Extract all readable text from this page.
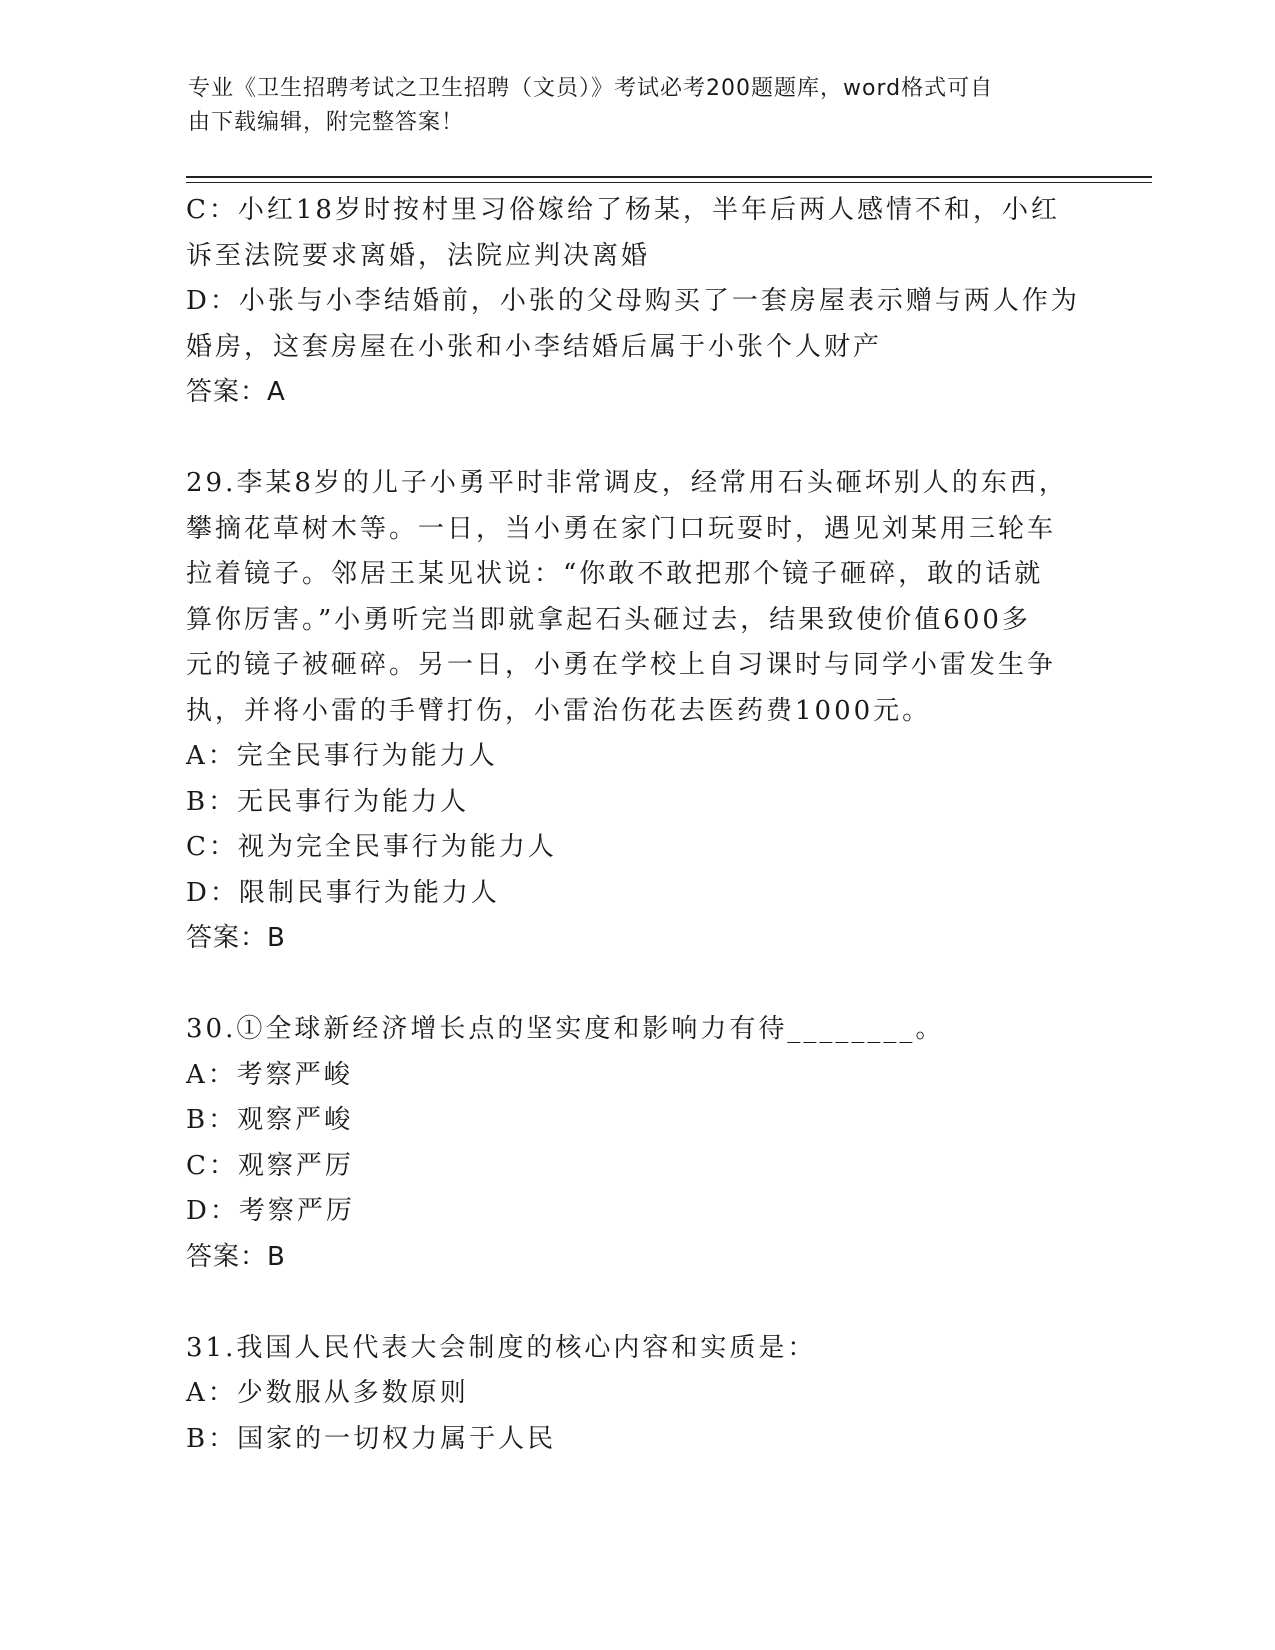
专业《卫生招聘考试之卫生招聘（文员）》考试必考200题题库，word格式可自
由下载编辑，附完整答案！
C：小红18岁时按村里习俗嫁给了杨某，半年后两人感情不和，小红
诉至法院要求离婚，法院应判决离婚
D：小张与小李结婚前，小张的父母购买了一套房屋表示赠与两人作为
婚房，这套房屋在小张和小李结婚后属于小张个人财产
答案：A
29.李某8岁的儿子小勇平时非常调皮，经常用石头砸坏别人的东西，
攀摘花草树木等。一日，当小勇在家门口玩耍时，遇见刘某用三轮车
拉着镜子。邻居王某见状说：“你敢不敢把那个镜子砸碎，敢的话就
算你厉害。”小勇听完当即就拿起石头砸过去，结果致使价值600多
元的镜子被砸碎。另一日，小勇在学校上自习课时与同学小雷发生争
执，并将小雷的手臂打伤，小雷治伤花去医药费1000元。
A：完全民事行为能力人
B：无民事行为能力人
C：视为完全民事行为能力人
D：限制民事行为能力人
答案：B
30.①全球新经济增长点的坚实度和影响力有待________。
A：考察严峻
B：观察严峻
C：观察严厉
D：考察严厉
答案：B
31.我国人民代表大会制度的核心内容和实质是：
A：少数服从多数原则
B：国家的一切权力属于人民
